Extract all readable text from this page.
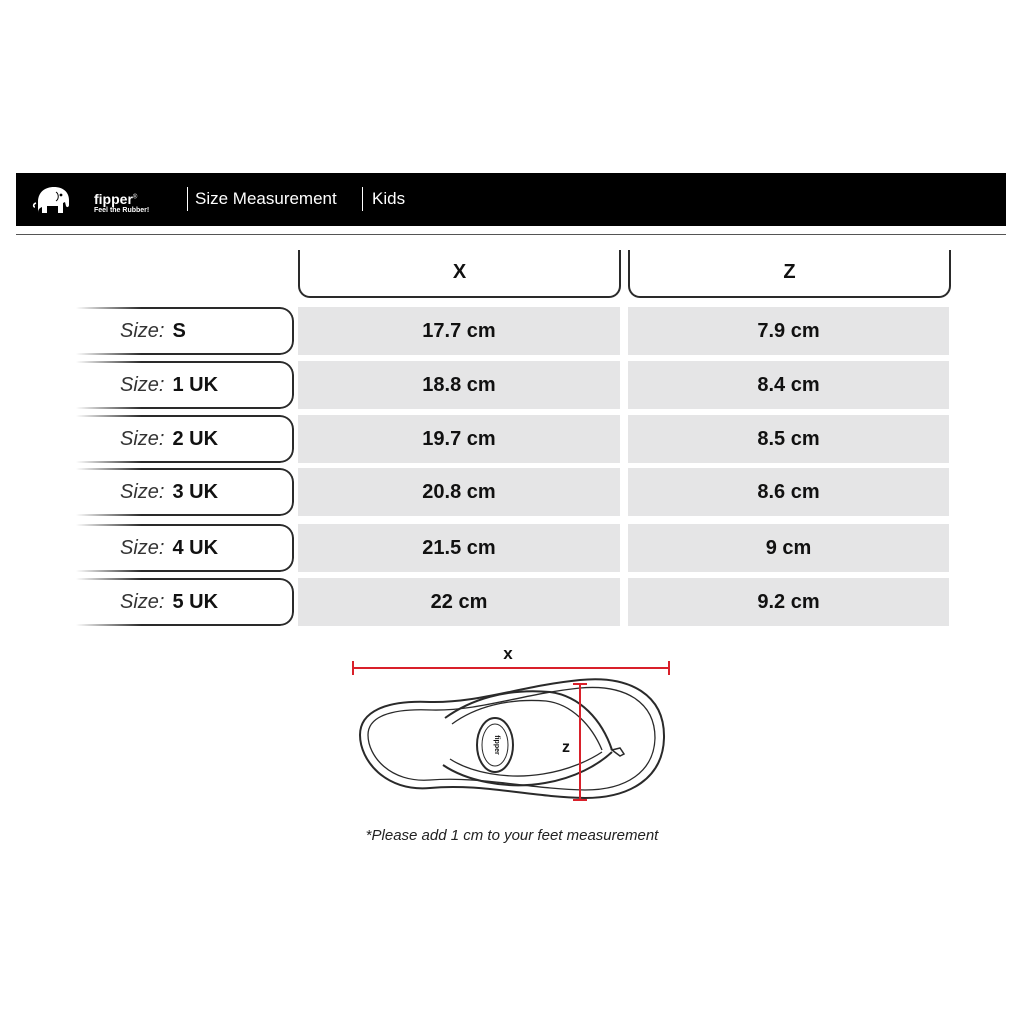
fipper®
Feel the Rubber!
Size Measurement Kids
X	Z
Size: S	17.7 cm	7.9 cm
Size: 1 UK	18.8 cm	8.4 cm
Size: 2 UK	19.7 cm	8.5 cm
Size: 3 UK	20.8 cm	8.6 cm
Size: 4 UK	21.5 cm	9 cm
Size: 5 UK	22 cm	9.2 cm
x
fipper	z
*Please add 1 cm to your feet measurement
